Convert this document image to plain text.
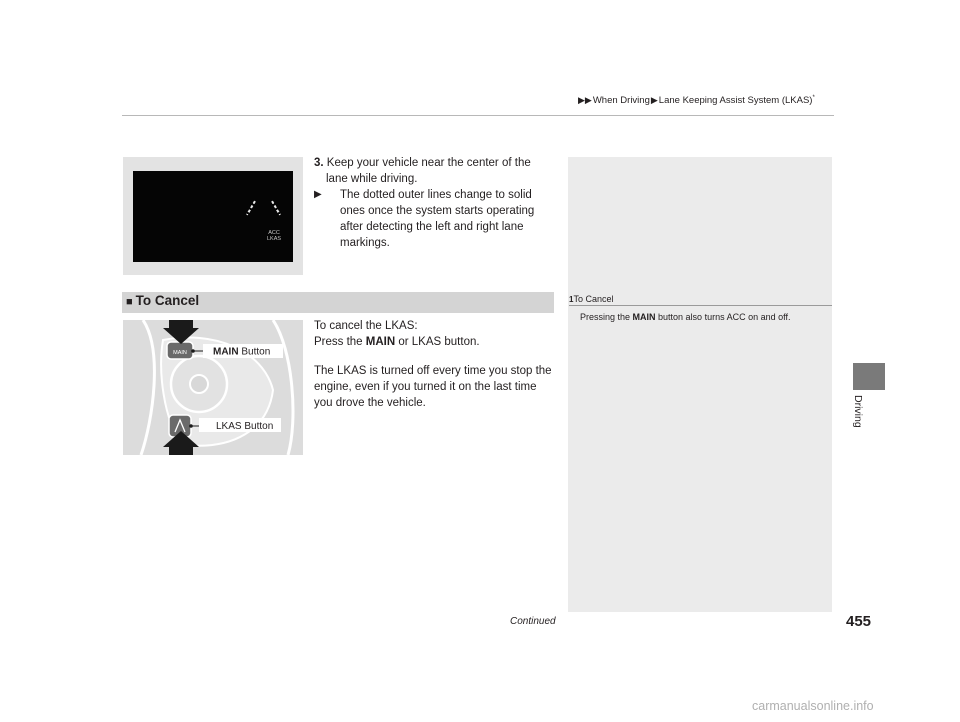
▶▶When Driving▶Lane Keeping Assist System (LKAS)*
Driving
ACC
LKAS
3. Keep your vehicle near the center of the
lane while driving.
▶	The dotted outer lines change to solid
ones once the system starts operating
after detecting the left and right lane
markings.
■ To Cancel	1To Cancel
Pressing the MAIN button also turns ACC on and off.
MAIN	MAIN Button
LKAS Button

To cancel the LKAS:

Press the MAIN or LKAS button.

The LKAS is turned off every time you stop the

engine, even if you turned it on the last time

you drove the vehicle.

Continued	455
carmanualsonline.info
